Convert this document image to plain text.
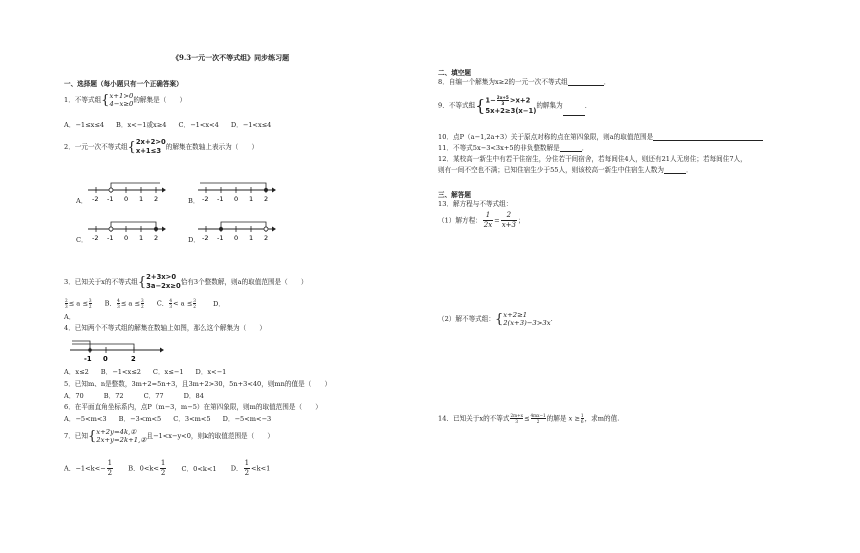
《9.3一元一次不等式组》同步练习题
一、选择题（每小题只有一个正确答案）
1．不等式组{ x+1>0
4−x≥0 的解集是（　　）
A．−1≤x≤4 B．x<−1或x≥4 C．−1<x<4 D．−1<x≤4
2．一元一次不等式组{ 2x+2>0
x+1≤3 的解集在数轴上表示为（　　）
A．	B．
C．	D．
-2 -1 0 1 2	-2 -1 0 1 2
-2 -1 0 1 2	-2 -1 0 1 2
3．已知关于x的不等式组{ 2+3x>0
3a−2x≥0 恰有3个整数解，则a的取值范围是（　　）
$\frac{2}{3} \le a \le \frac{3}{2}$ B． $\frac{4}{3} \le a \le \frac{3}{2}$ C． $\frac{4}{3} < a \le \frac{3}{2}$	D．
A．
4．已知两个不等式组的解集在数轴上如图，那么这个解集为（　　）
-1 0	2
A．x≤2 B．−1<x≤2 C．x≤−1 D．x<−1
5．已知m、n是整数，3m+2=5n+3，且3m+2>30，5n+3<40，则mn的值是（　　）
A．70	B．72	C．77	D．84
6．在平面直角坐标系内，点P（m−3，m−5）在第四象限，则m的取值范围是（　　）
A．−5<m<3 B．−3<m<5 C．3<m<5 D．−5<m<−3
7．已知{ x+2y=4k,①
2x+y=2k+1,② 且−1<x−y<0，则k的取值范围是（　　）
A．$-1<k<- \frac{1}{2}$ B．$0<k< \frac{1}{2}$ C．0<k<1 D． $\frac{1}{2} <k<1$
二、填空题
8．自编一个解集为x≥2的一元一次不等式组	．
9．不等式组{ $1- \frac{2x+5}{3} >x+2$
5x+2≥3(x−1)
的解集为	．
10．点P（a−1,2a+3）关于原点对称的点在第四象限，则a的取值范围是
11．不等式5x−3<3x+5的非负整数解是	．
12．某校高一新生中有若干住宿生，分住若干间宿舍，若每间住4人，则还有21人无房住；若每间住7人，
则有一间不空也不满；已知住宿生少于55人，则该校高一新生中住宿生人数为	．
三、解答题
13．解方程与不等式组：
（1）解方程： $\frac{1}{2x} = \frac{2}{x+3}$ ；
（2）解不等式组：{ x+2≥1
2(x+3)−3>3x .
14．已知关于x的不等式 $\frac{2m+x}{3} \le \frac{4mx-1}{2}$ 的解是 $x \ge \frac{1}{6}$ ，求m的值.
